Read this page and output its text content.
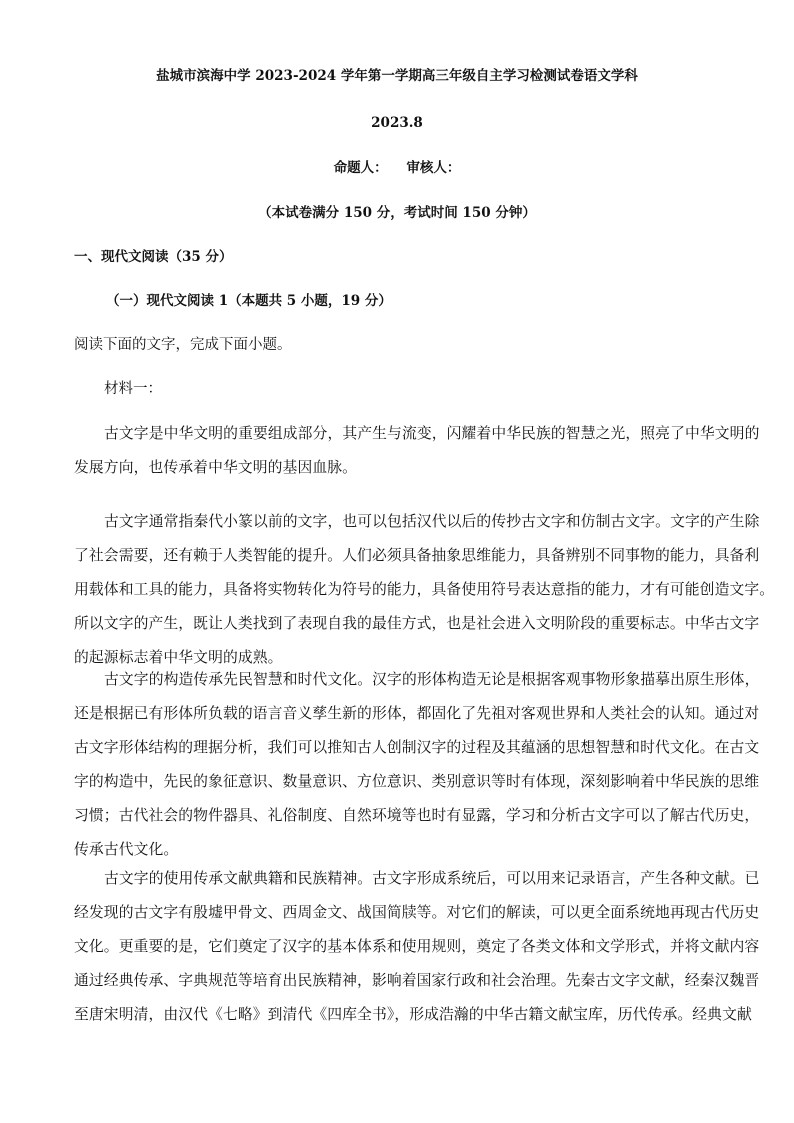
盐城市滨海中学 2023-2024 学年第一学期高三年级自主学习检测试卷语文学科
2023.8
命题人：    审核人：
（本试卷满分 150 分，考试时间 150 分钟）
一、现代文阅读（35 分）
（一）现代文阅读 1（本题共 5 小题，19 分）
阅读下面的文字，完成下面小题。
材料一：
古文字是中华文明的重要组成部分，其产生与流变，闪耀着中华民族的智慧之光，照亮了中华文明的
发展方向，也传承着中华文明的基因血脉。
古文字通常指秦代小篆以前的文字，也可以包括汉代以后的传抄古文字和仿制古文字。文字的产生除
了社会需要，还有赖于人类智能的提升。人们必须具备抽象思维能力，具备辨别不同事物的能力，具备利
用载体和工具的能力，具备将实物转化为符号的能力，具备使用符号表达意指的能力，才有可能创造文字。
所以文字的产生，既让人类找到了表现自我的最佳方式，也是社会进入文明阶段的重要标志。中华古文字
的起源标志着中华文明的成熟。
古文字的构造传承先民智慧和时代文化。汉字的形体构造无论是根据客观事物形象描摹出原生形体，
还是根据已有形体所负载的语言音义孳生新的形体，都固化了先祖对客观世界和人类社会的认知。通过对
古文字形体结构的理据分析，我们可以推知古人创制汉字的过程及其蕴涵的思想智慧和时代文化。在古文
字的构造中，先民的象征意识、数量意识、方位意识、类别意识等时有体现，深刻影响着中华民族的思维
习惯；古代社会的物件器具、礼俗制度、自然环境等也时有显露，学习和分析古文字可以了解古代历史，
传承古代文化。
古文字的使用传承文献典籍和民族精神。古文字形成系统后，可以用来记录语言，产生各种文献。已
经发现的古文字有殷墟甲骨文、西周金文、战国简牍等。对它们的解读，可以更全面系统地再现古代历史
文化。更重要的是，它们奠定了汉字的基本体系和使用规则，奠定了各类文体和文学形式，并将文献内容
通过经典传承、字典规范等培育出民族精神，影响着国家行政和社会治理。先秦古文字文献，经秦汉魏晋
至唐宋明清，由汉代《七略》到清代《四库全书》，形成浩瀚的中华古籍文献宝库，历代传承。经典文献
